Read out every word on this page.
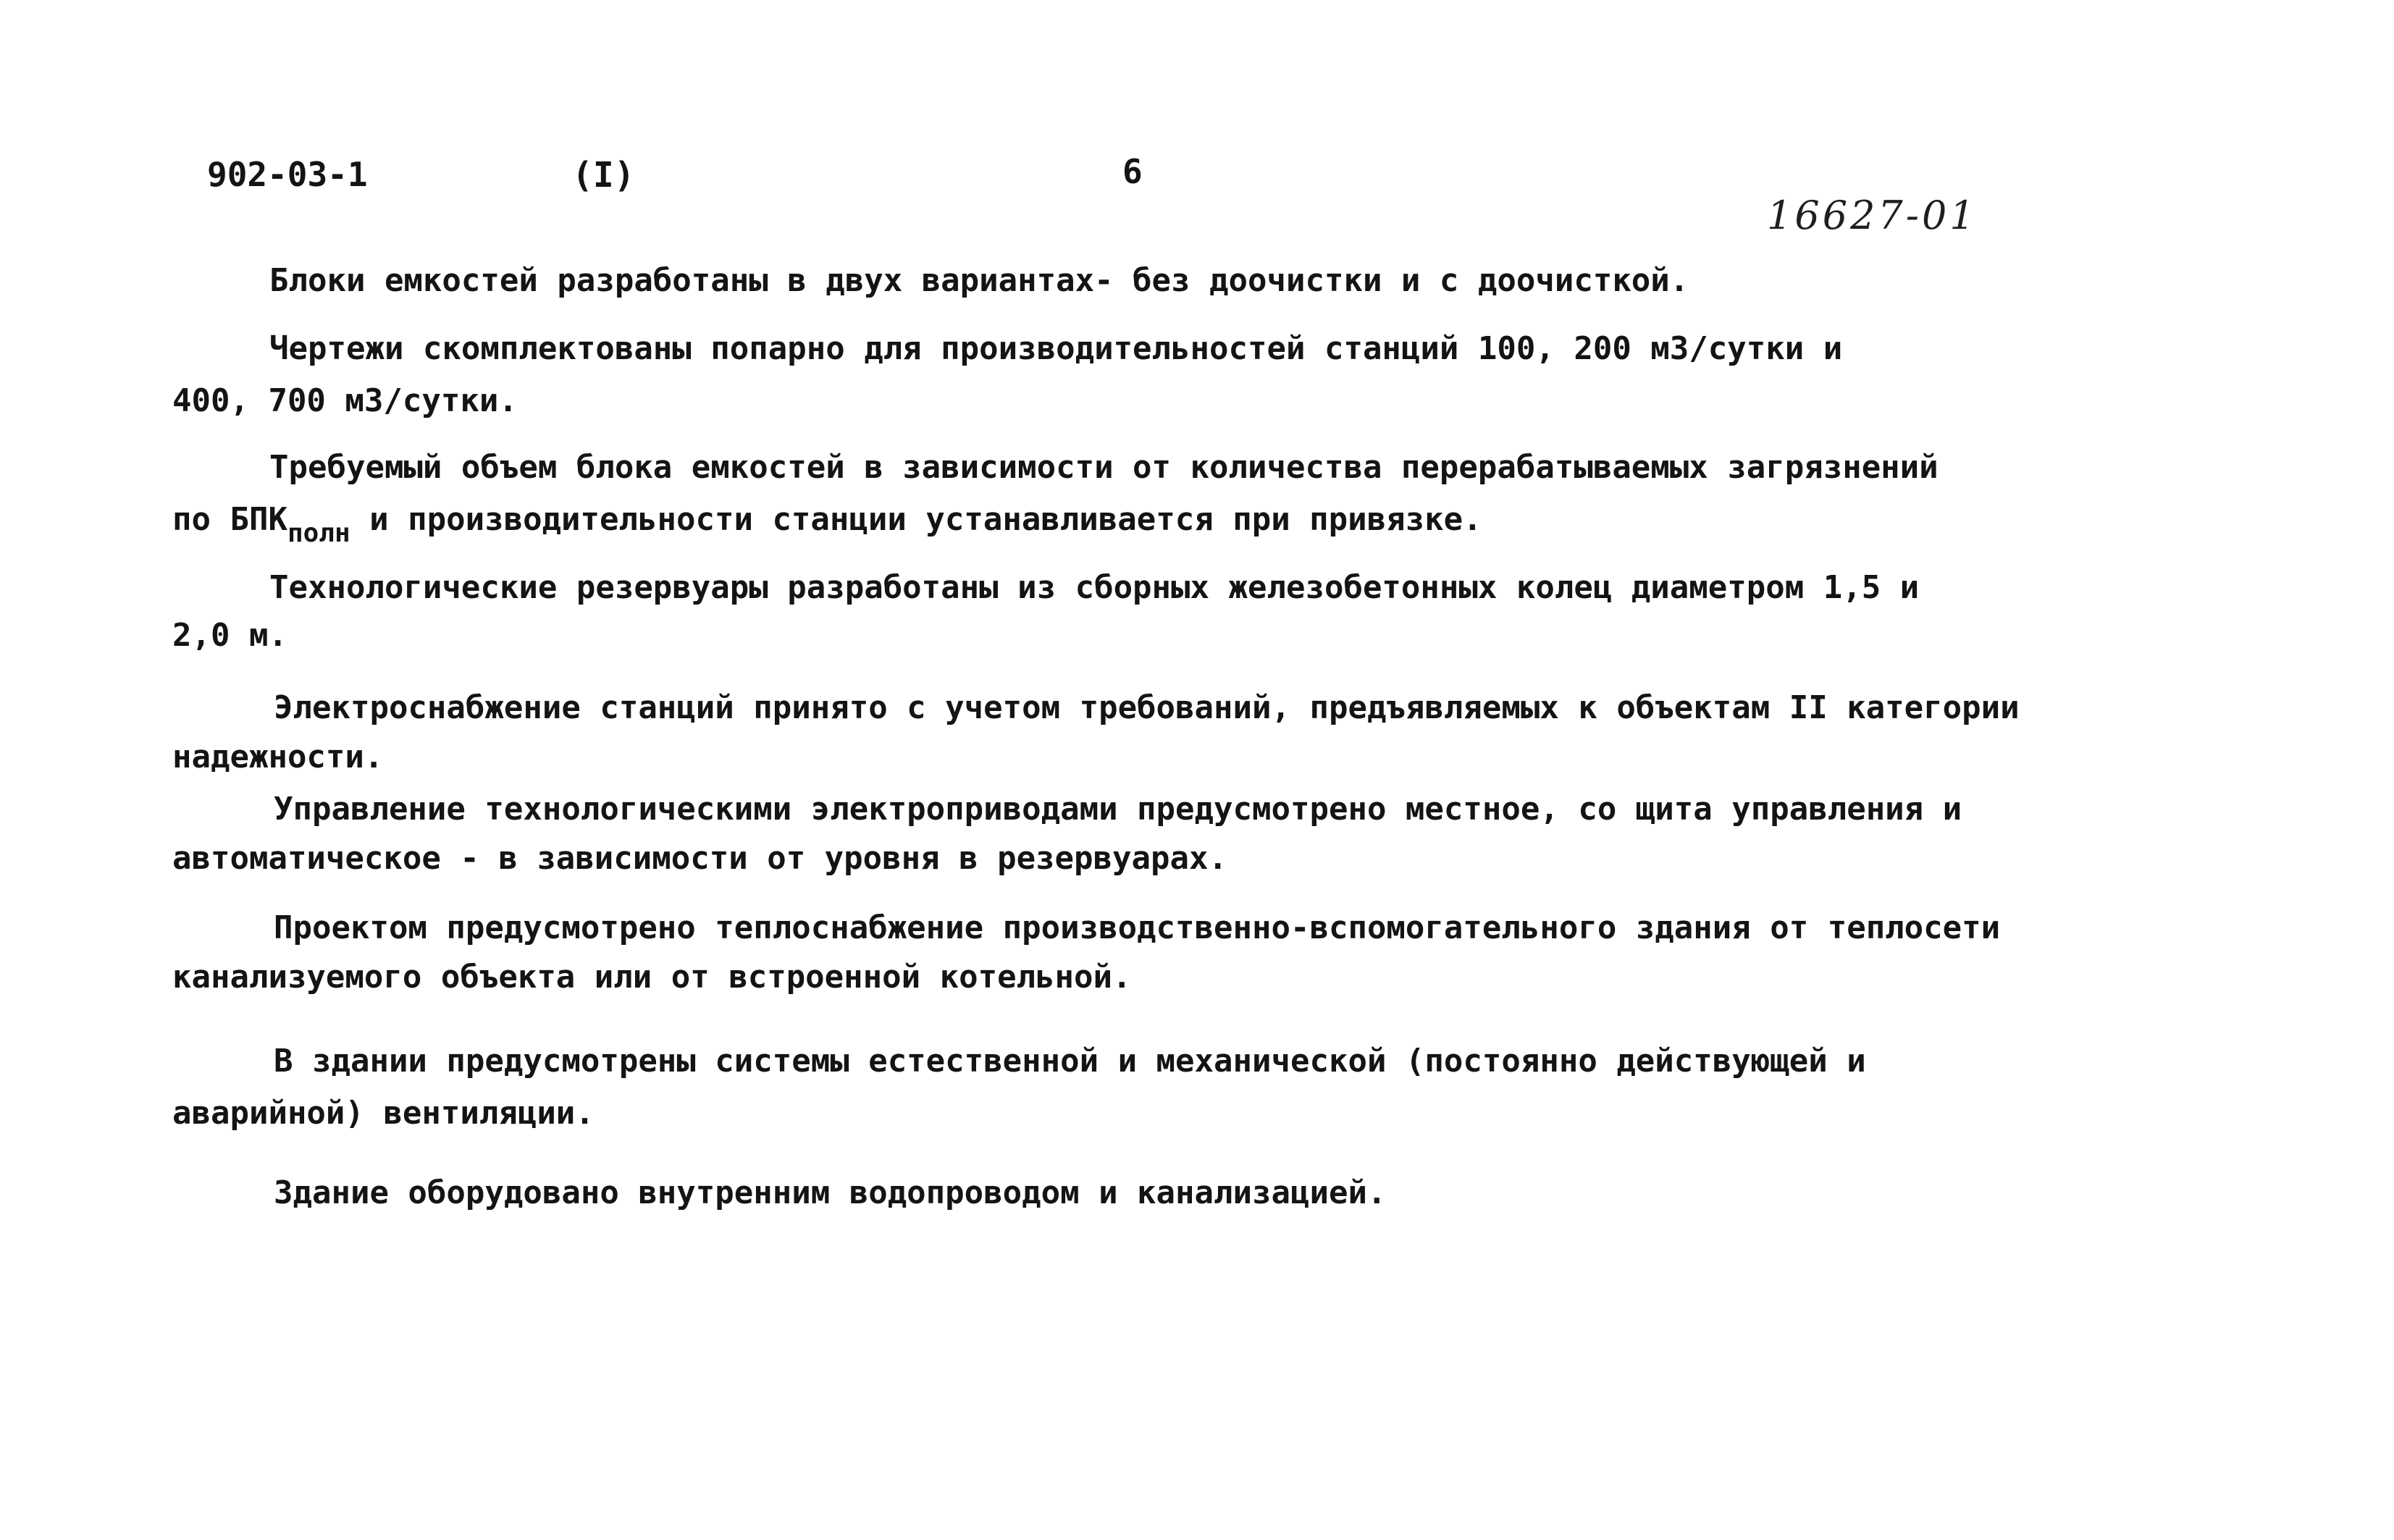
902-03-1	(I)	6
16627-01
Блоки емкостей разработаны в двух вариантах- без доочистки и с доочисткой.
Чертежи скомплектованы попарно для производительностей станций 100, 200 м3/сутки и
400, 700 м3/сутки.
Требуемый объем блока емкостей в зависимости от количества перерабатываемых загрязнений
по $БПК_{полн}$ и производительности станции устанавливается при привязке.
Технологические резервуары разработаны из сборных железобетонных колец диаметром 1,5 и
2,0 м.
Электроснабжение станций принято с учетом требований, предъявляемых к объектам II категории
надежности.
Управление технологическими электроприводами предусмотрено местное, со щита управления и
автоматическое - в зависимости от уровня в резервуарах.
Проектом предусмотрено теплоснабжение производственно-вспомогательного здания от теплосети
канализуемого объекта или от встроенной котельной.
В здании предусмотрены системы естественной и механической (постоянно действующей и
аварийной) вентиляции.
Здание оборудовано внутренним водопроводом и канализацией.
